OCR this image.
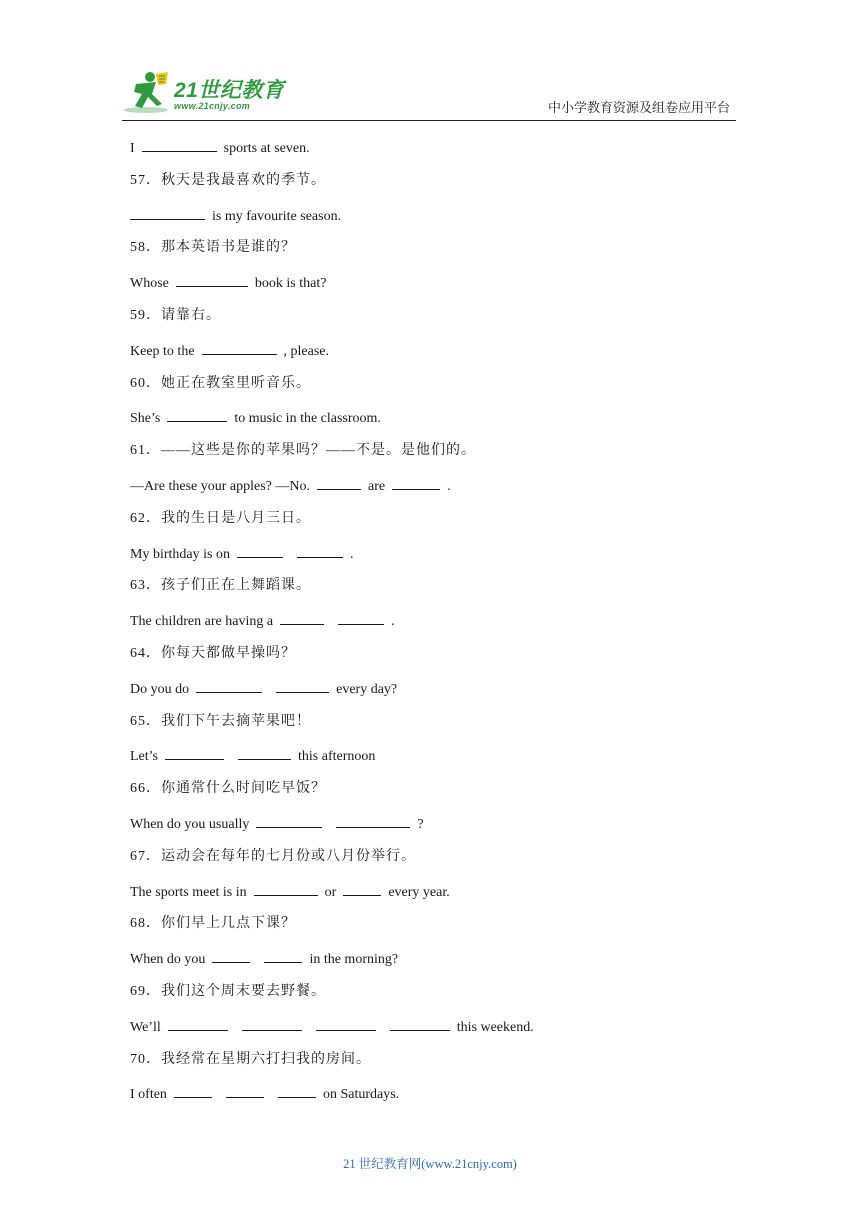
21世纪教育
www.21cnjy.com	中小学教育资源及组卷应用平台
I	sports at seven.
57．秋天是我最喜欢的季节。
is my favourite season.
58．那本英语书是谁的？
Whose	book is that?
59．请靠右。
Keep to the	, please.
60．她正在教室里听音乐。
She’s	to music in the classroom.
61．——这些是你的苹果吗？——不是。是他们的。
—Are these your apples? —No.	are	.
62．我的生日是八月三日。
My birthday is on	.
63．孩子们正在上舞蹈课。
The children are having a	.
64．你每天都做早操吗？
Do you do	every day?
65．我们下午去摘苹果吧！
Let’s	this afternoon
66．你通常什么时间吃早饭？
When do you usually	?
67．运动会在每年的七月份或八月份举行。
The sports meet is in	or	every year.
68．你们早上几点下课？
When do you	in the morning?
69．我们这个周末要去野餐。
We’ll	this weekend.
70．我经常在星期六打扫我的房间。
I often	on Saturdays.
21 世纪教育网(www.21cnjy.com)
